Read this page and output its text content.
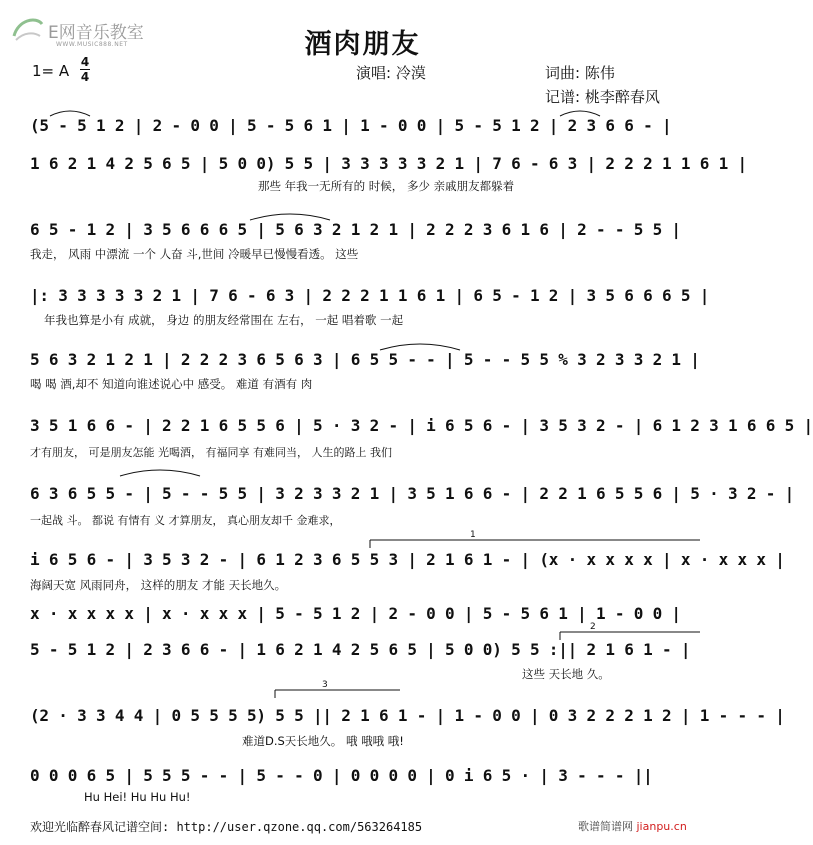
E网音乐教室
WWW.MUSIC888.NET	酒肉朋友
1= A 4
4	演唱: 冷漠	词曲: 陈伟
记谱: 桃李醉春风
(5 - 5 1 2 | 2 - 0 0 | 5 - 5 6 1 | 1 - 0 0 | 5 - 5 1 2 | 2 3 6 6 - |
1 6 2 1 4 2 5 6 5 | 5 0 0) 5 5 | 3 3 3 3 3 2 1 | 7 6 - 6 3 | 2 2 2 1 1 6 1 |
那些 年我一无所有的 时候， 多少 亲戚朋友都躲着
6 5 - 1 2 | 3 5 6 6 6 5 | 5 6 3 2 1 2 1 | 2 2 2 3 6 1 6 | 2 - - 5 5 |
我走， 风雨 中漂流 一个 人奋 斗,世间 冷暖早已慢慢看透。 这些
|: 3 3 3 3 3 2 1 | 7 6 - 6 3 | 2 2 2 1 1 6 1 | 6 5 - 1 2 | 3 5 6 6 6 5 |
年我也算是小有 成就， 身边 的朋友经常围在 左右， 一起 唱着歌 一起
5 6 3 2 1 2 1 | 2 2 2 3 6 5 6 3 | 6 5 5 - - | 5 - - 5 5 % 3 2 3 3 2 1 |
喝 喝 酒,却不 知道向谁述说心中 感受。 难道 有酒有 肉
3 5 1 6 6 - | 2 2 1 6 5 5 6 | 5 · 3 2 - | i 6 5 6 - | 3 5 3 2 - | 6 1 2 3 1 6 6 5 |
才有朋友， 可是朋友怎能 光喝酒， 有福同享 有难同当， 人生的路上 我们
6 3 6 5 5 - | 5 - - 5 5 | 3 2 3 3 2 1 | 3 5 1 6 6 - | 2 2 1 6 5 5 6 | 5 · 3 2 - |
一起战 斗。 都说 有情有 义 才算朋友， 真心朋友却千 金难求，
i 6 5 6 - | 3 5 3 2 - | 6 1 2 3 6 5 5 3 | 2 1 6 1 - | (x · x x x x | x · x x x |
海阔天宽 风雨同舟， 这样的朋友 才能 天长地久。
x · x x x x | x · x x x | 5 - 5 1 2 | 2 - 0 0 | 5 - 5 6 1 | 1 - 0 0 |
5 - 5 1 2 | 2 3 6 6 - | 1 6 2 1 4 2 5 6 5 | 5 0 0) 5 5 :|| 2 1 6 1 - |
这些 天长地 久。
(2 · 3 3 4 4 | 0 5 5 5 5) 5 5 || 2 1 6 1 - | 1 - 0 0 | 0 3 2 2 2 1 2 | 1 - - - |
难道D.S天长地久。 哦 哦哦 哦!
0 0 0 6 5 | 5 5 5 - - | 5 - - 0 | 0 0 0 0 | 0 i 6 5 · | 3 - - - ||
Hu Hei! Hu Hu Hu!
1
2
3
欢迎光临醉春风记谱空间: http://user.qzone.qq.com/563264185	歌谱简谱网 jianpu.cn
